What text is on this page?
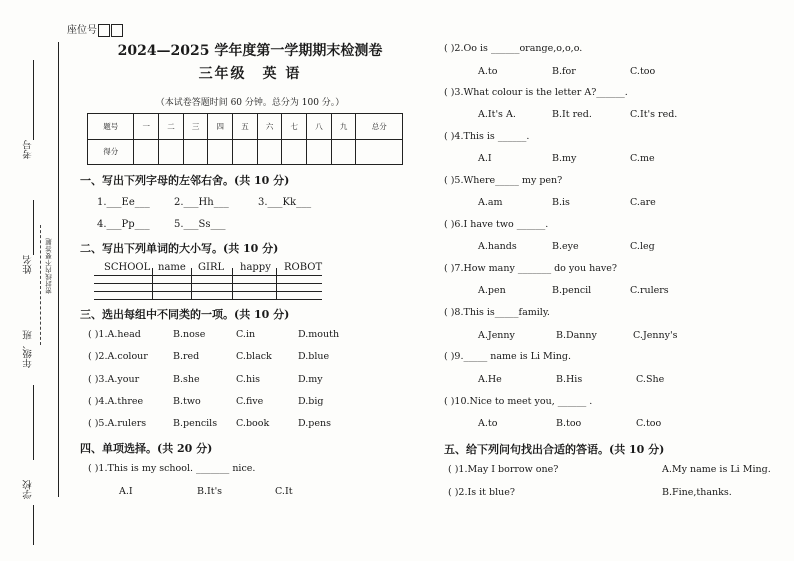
座位号
密封线内不要答题
考号
姓名
年级、班
学校
2024—2025 学年度第一学期期末检测卷
三年级　英 语
（本试卷答题时间 60 分钟。总分为 100 分。）
题号	一	二	三	四	五	六	七	八	九	总分
得分										
一、写出下列字母的左邻右舍。(共 10 分)
1.___Ee___ 2.___Hh___	3.___Kk___
4.___Pp___ 5.___Ss___
二、写出下列单词的大小写。(共 10 分)
SCHOOL name GIRL happy ROBOT
三、选出每组中不同类的一项。(共 10 分)
( )1.A.head	B.nose	C.in	D.mouth
( )2.A.colour	B.red	C.black	D.blue
( )3.A.your	B.she	C.his	D.my
( )4.A.three	B.two	C.five	D.big
( )5.A.rulers	B.pencils C.book	D.pens
四、单项选择。(共 20 分)
( )1.This is my school. _______ nice.
A.I	B.It's	C.It
( )2.Oo is ______orange,o,o,o.
A.to	B.for	C.too
( )3.What colour is the letter A?______.
A.It's A.	B.It red.	C.It's red.
( )4.This is ______.
A.I	B.my	C.me
( )5.Where_____ my pen?
A.am	B.is	C.are
( )6.I have two ______.
A.hands	B.eye	C.leg
( )7.How many _______ do you have?
A.pen	B.pencil	C.rulers
( )8.This is_____family.
A.Jenny	B.Danny	C.Jenny's
( )9._____ name is Li Ming.
A.He	B.His	C.She
( )10.Nice to meet you, ______ .
A.to	B.too	C.too
五、给下列问句找出合适的答语。(共 10 分)
( )1.May I borrow one?	A.My name is Li Ming.
( )2.Is it blue?	B.Fine,thanks.
